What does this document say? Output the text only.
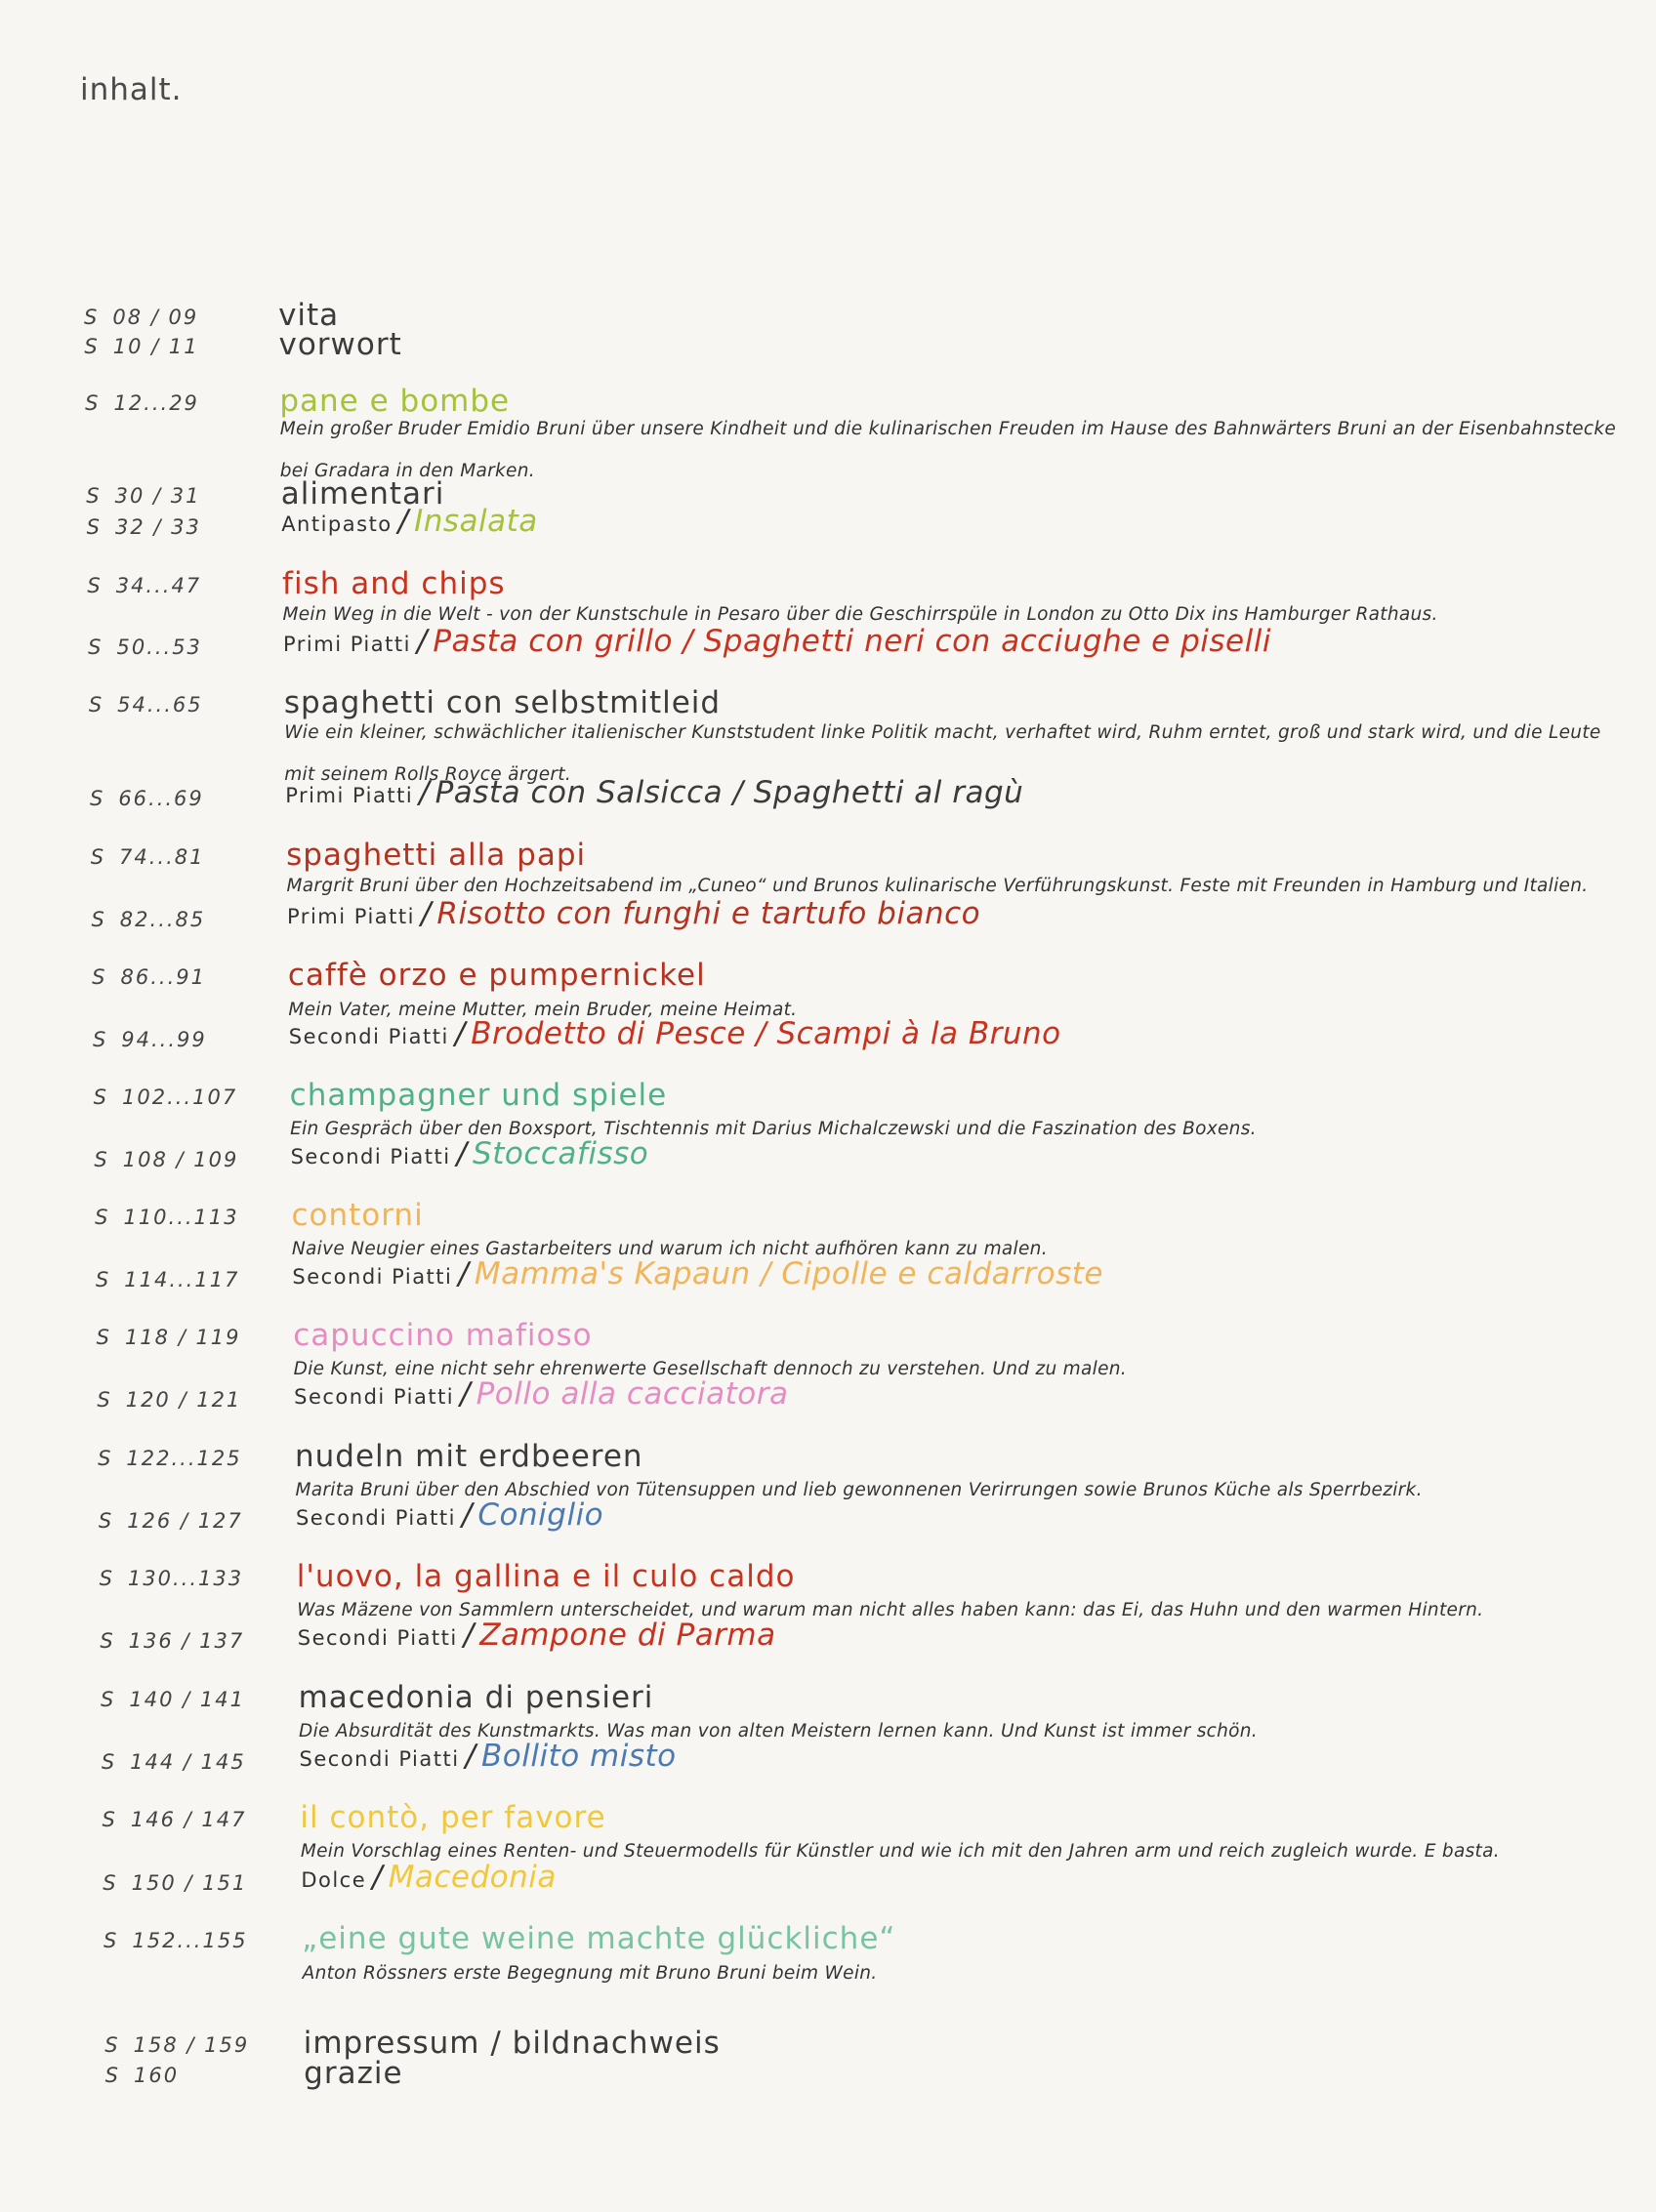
inhalt.
S 08 / 09	vita
S 10 / 11	vorwort
S 12...29	pane e bombe
Mein großer Bruder Emidio Bruni über unsere Kindheit und die kulinarischen Freuden im Hause des Bahnwärters Bruni an der Eisenbahnstecke bei Gradara in den Marken.
S 30 / 31	alimentari
S 32 / 33	Antipasto / Insalata
S 34...47	fish and chips
Mein Weg in die Welt - von der Kunstschule in Pesaro über die Geschirrspüle in London zu Otto Dix ins Hamburger Rathaus.
S 50...53	Primi Piatti / Pasta con grillo / Spaghetti neri con acciughe e piselli
S 54...65	spaghetti con selbstmitleid
Wie ein kleiner, schwächlicher italienischer Kunststudent linke Politik macht, verhaftet wird, Ruhm erntet, groß und stark wird, und die Leute mit seinem Rolls Royce ärgert.
S 66...69	Primi Piatti / Pasta con Salsicca / Spaghetti al ragù
S 74...81	spaghetti alla papi
Margrit Bruni über den Hochzeitsabend im „Cuneo“ und Brunos kulinarische Verführungskunst. Feste mit Freunden in Hamburg und Italien.
S 82...85	Primi Piatti / Risotto con funghi e tartufo bianco
S 86...91	caffè orzo e pumpernickel
Mein Vater, meine Mutter, mein Bruder, meine Heimat.
S 94...99	Secondi Piatti / Brodetto di Pesce / Scampi à la Bruno
S 102...107 champagner und spiele
Ein Gespräch über den Boxsport, Tischtennis mit Darius Michalczewski und die Faszination des Boxens.
S 108 / 109	Secondi Piatti / Stoccafisso
S 110...113 contorni
Naive Neugier eines Gastarbeiters und warum ich nicht aufhören kann zu malen.
S 114...117	Secondi Piatti / Mamma's Kapaun / Cipolle e caldarroste
S 118 / 119 capuccino mafioso
Die Kunst, eine nicht sehr ehrenwerte Gesellschaft dennoch zu verstehen. Und zu malen.
S 120 / 121	Secondi Piatti / Pollo alla cacciatora
S 122...125 nudeln mit erdbeeren
Marita Bruni über den Abschied von Tütensuppen und lieb gewonnenen Verirrungen sowie Brunos Küche als Sperrbezirk.
S 126 / 127	Secondi Piatti / Coniglio
S 130...133 l'uovo, la gallina e il culo caldo
Was Mäzene von Sammlern unterscheidet, und warum man nicht alles haben kann: das Ei, das Huhn und den warmen Hintern.
S 136 / 137	Secondi Piatti / Zampone di Parma
S 140 / 141 macedonia di pensieri
Die Absurdität des Kunstmarkts. Was man von alten Meistern lernen kann. Und Kunst ist immer schön.
S 144 / 145	Secondi Piatti / Bollito misto
S 146 / 147 il contò, per favore
Mein Vorschlag eines Renten- und Steuermodells für Künstler und wie ich mit den Jahren arm und reich zugleich wurde. E basta.
S 150 / 151	Dolce / Macedonia
S 152...155 „eine gute weine machte glückliche“
Anton Rössners erste Begegnung mit Bruno Bruni beim Wein.
S 158 / 159 impressum / bildnachweis
S 160	grazie
